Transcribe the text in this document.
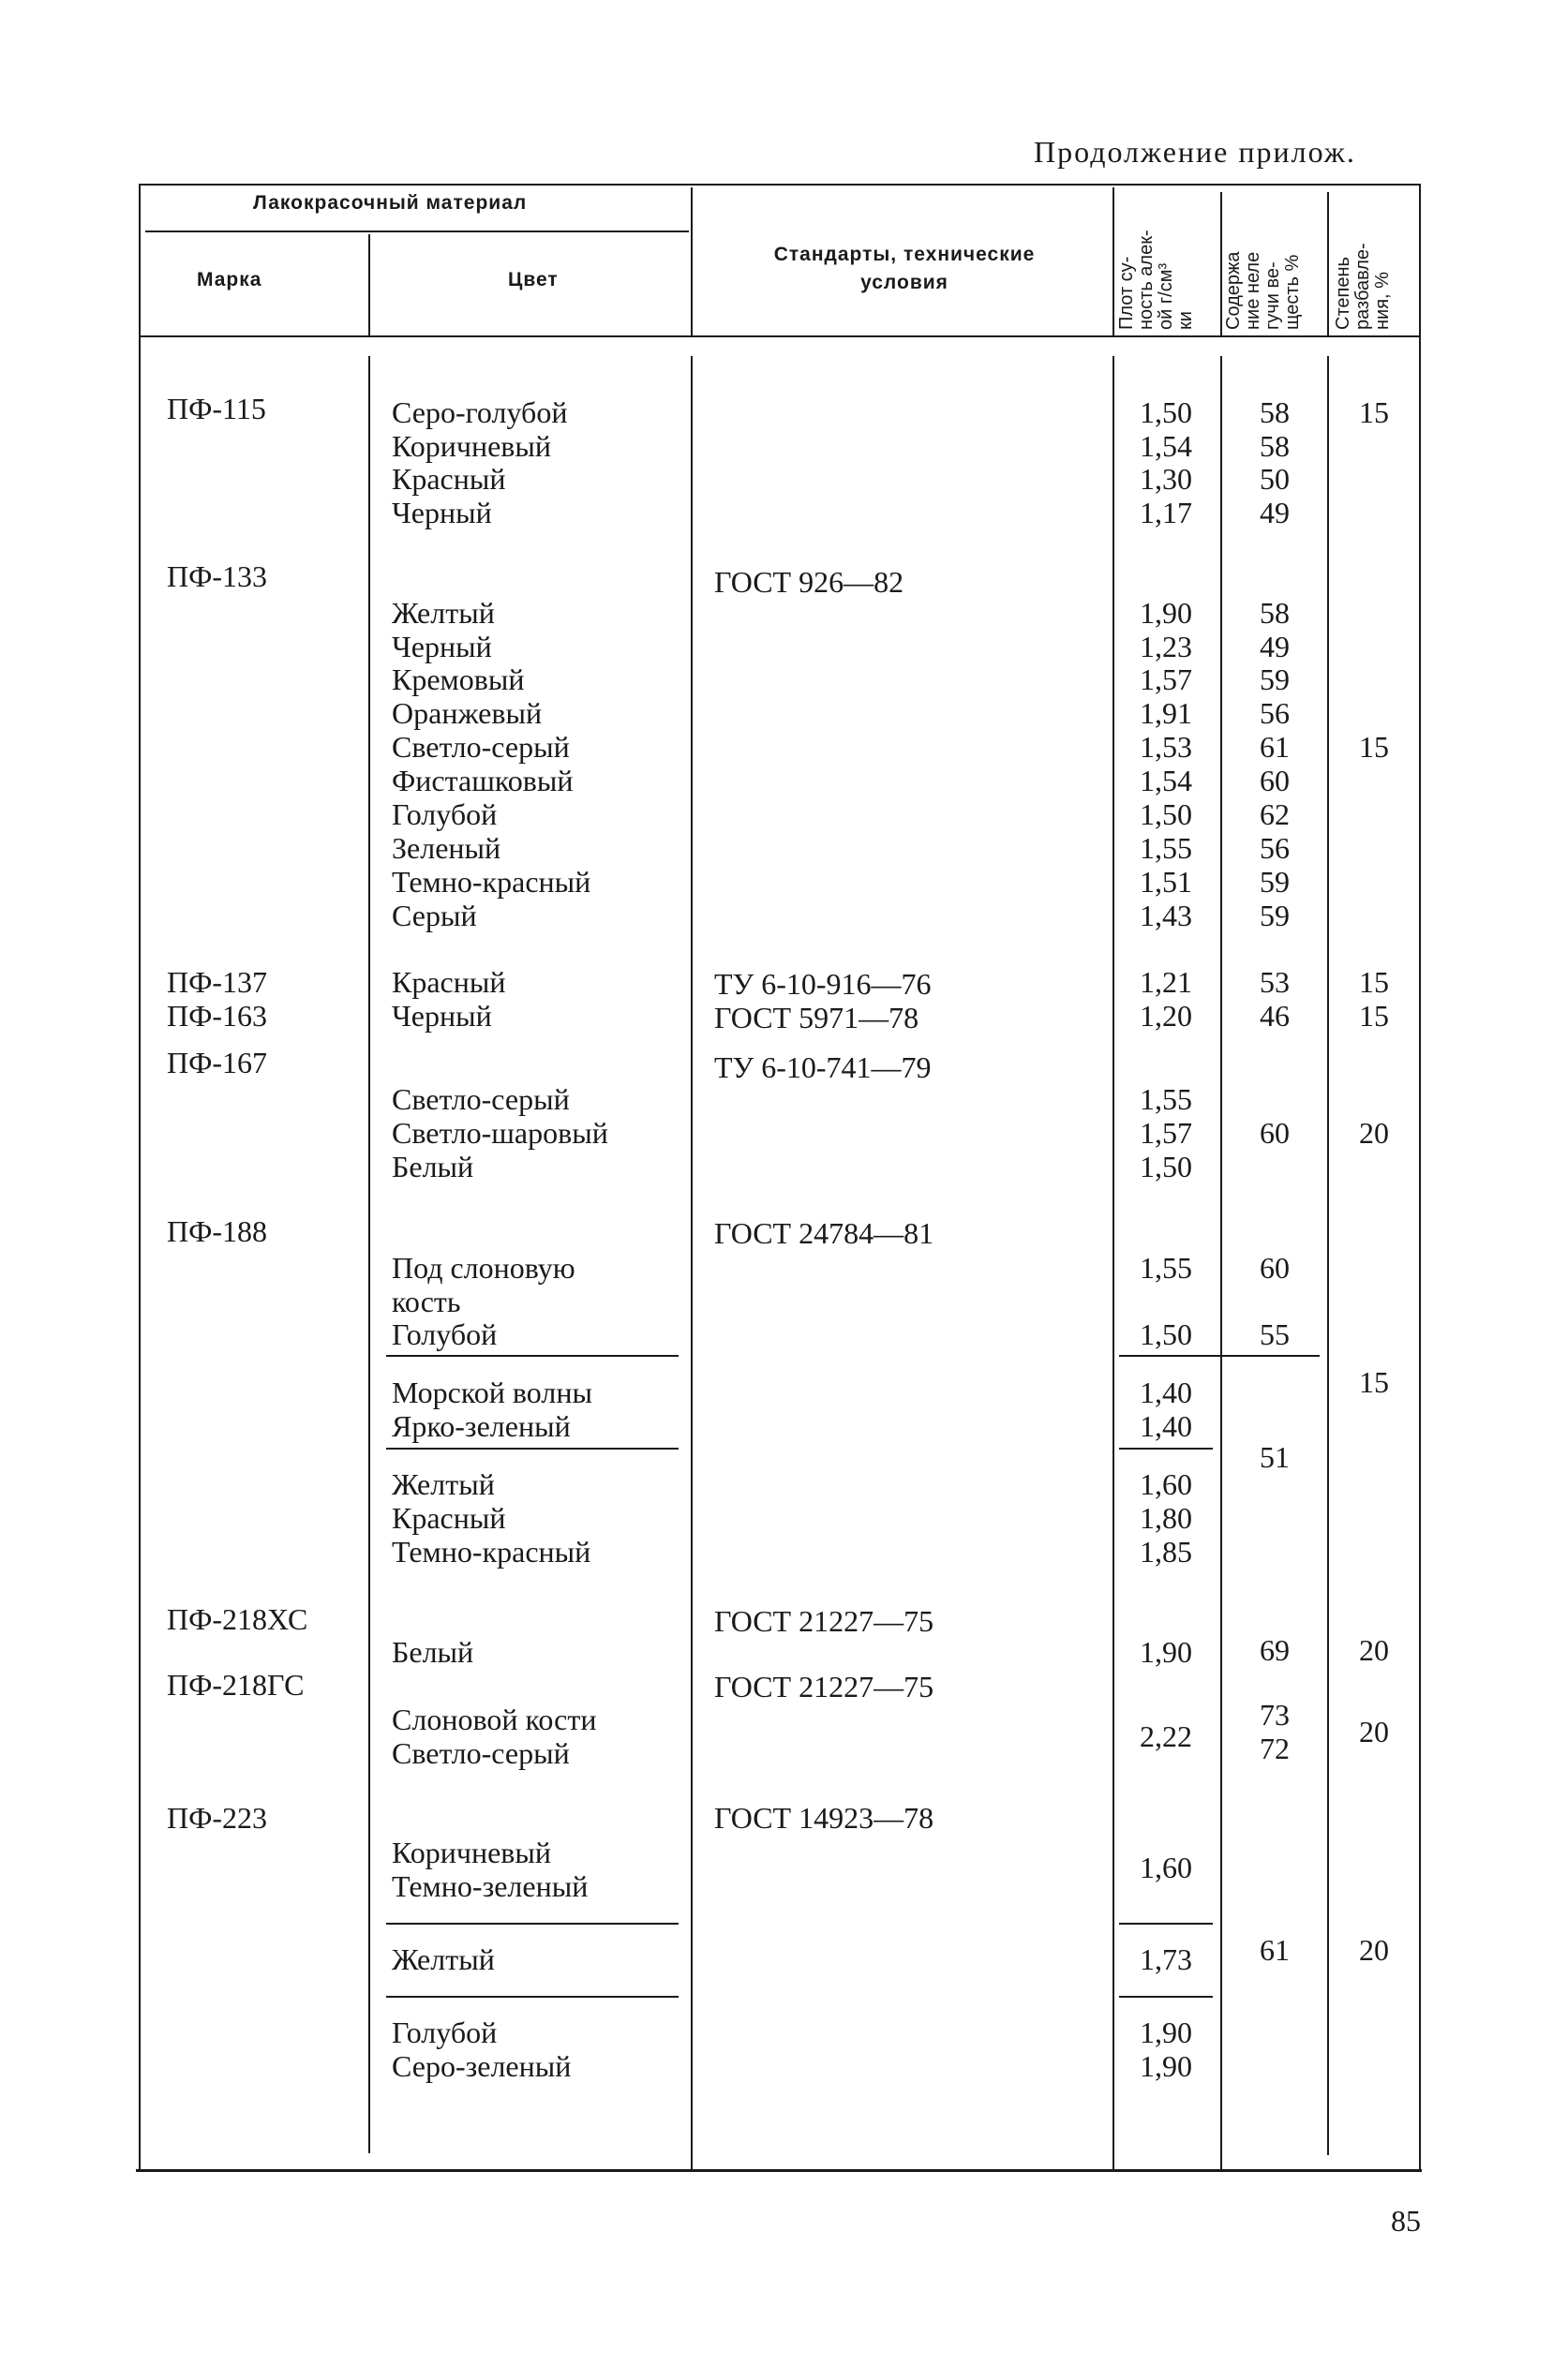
Продолжение прилож.
85
Лакокрасочный материал
Марка	Цвет
Стандарты, технические условия	Плот су- ность алек- ой г/см³ ки Содержа ние неле гучи ве- щесть % Степень разбавле- ния, %
ПФ-115
ПФ-133
ПФ-137
ПФ-163
ПФ-167
ПФ-188
ПФ-218ХС
ПФ-218ГС
ПФ-223
ГОСТ 926—82
ТУ 6-10-916—76
ГОСТ 5971—78
ТУ 6-10-741—79
ГОСТ 24784—81
ГОСТ 21227—75
ГОСТ 21227—75
ГОСТ 14923—78
Серо-голубой
Коричневый
Красный
Черный
Желтый
Черный
Кремовый
Оранжевый
Светло-серый
Фисташковый
Голубой
Зеленый
Темно-красный
Серый
Красный
Черный
Светло-серый
Светло-шаровый
Белый
Под слоновую
кость
Голубой
Морской волны
Ярко-зеленый
Желтый
Красный
Темно-красный
Белый
Слоновой кости
Светло-серый
Коричневый
Темно-зеленый
Желтый
Голубой
Серо-зеленый
1,50
1,54
1,30
1,17
1,90
1,23
1,57
1,91
1,53
1,54
1,50
1,55
1,51
1,43
1,21
1,20
1,55
1,57
1,50
1,55
1,50
1,40
1,40
1,60
1,80
1,85
1,90
2,22
1,60
1,73
1,90
1,90
58
58
50
49
58
49
59
56
61
60
62
56
59
59
53
46
60
60
55
51
69
73
72
61
15
15
15
15
20
15
20
20
20
